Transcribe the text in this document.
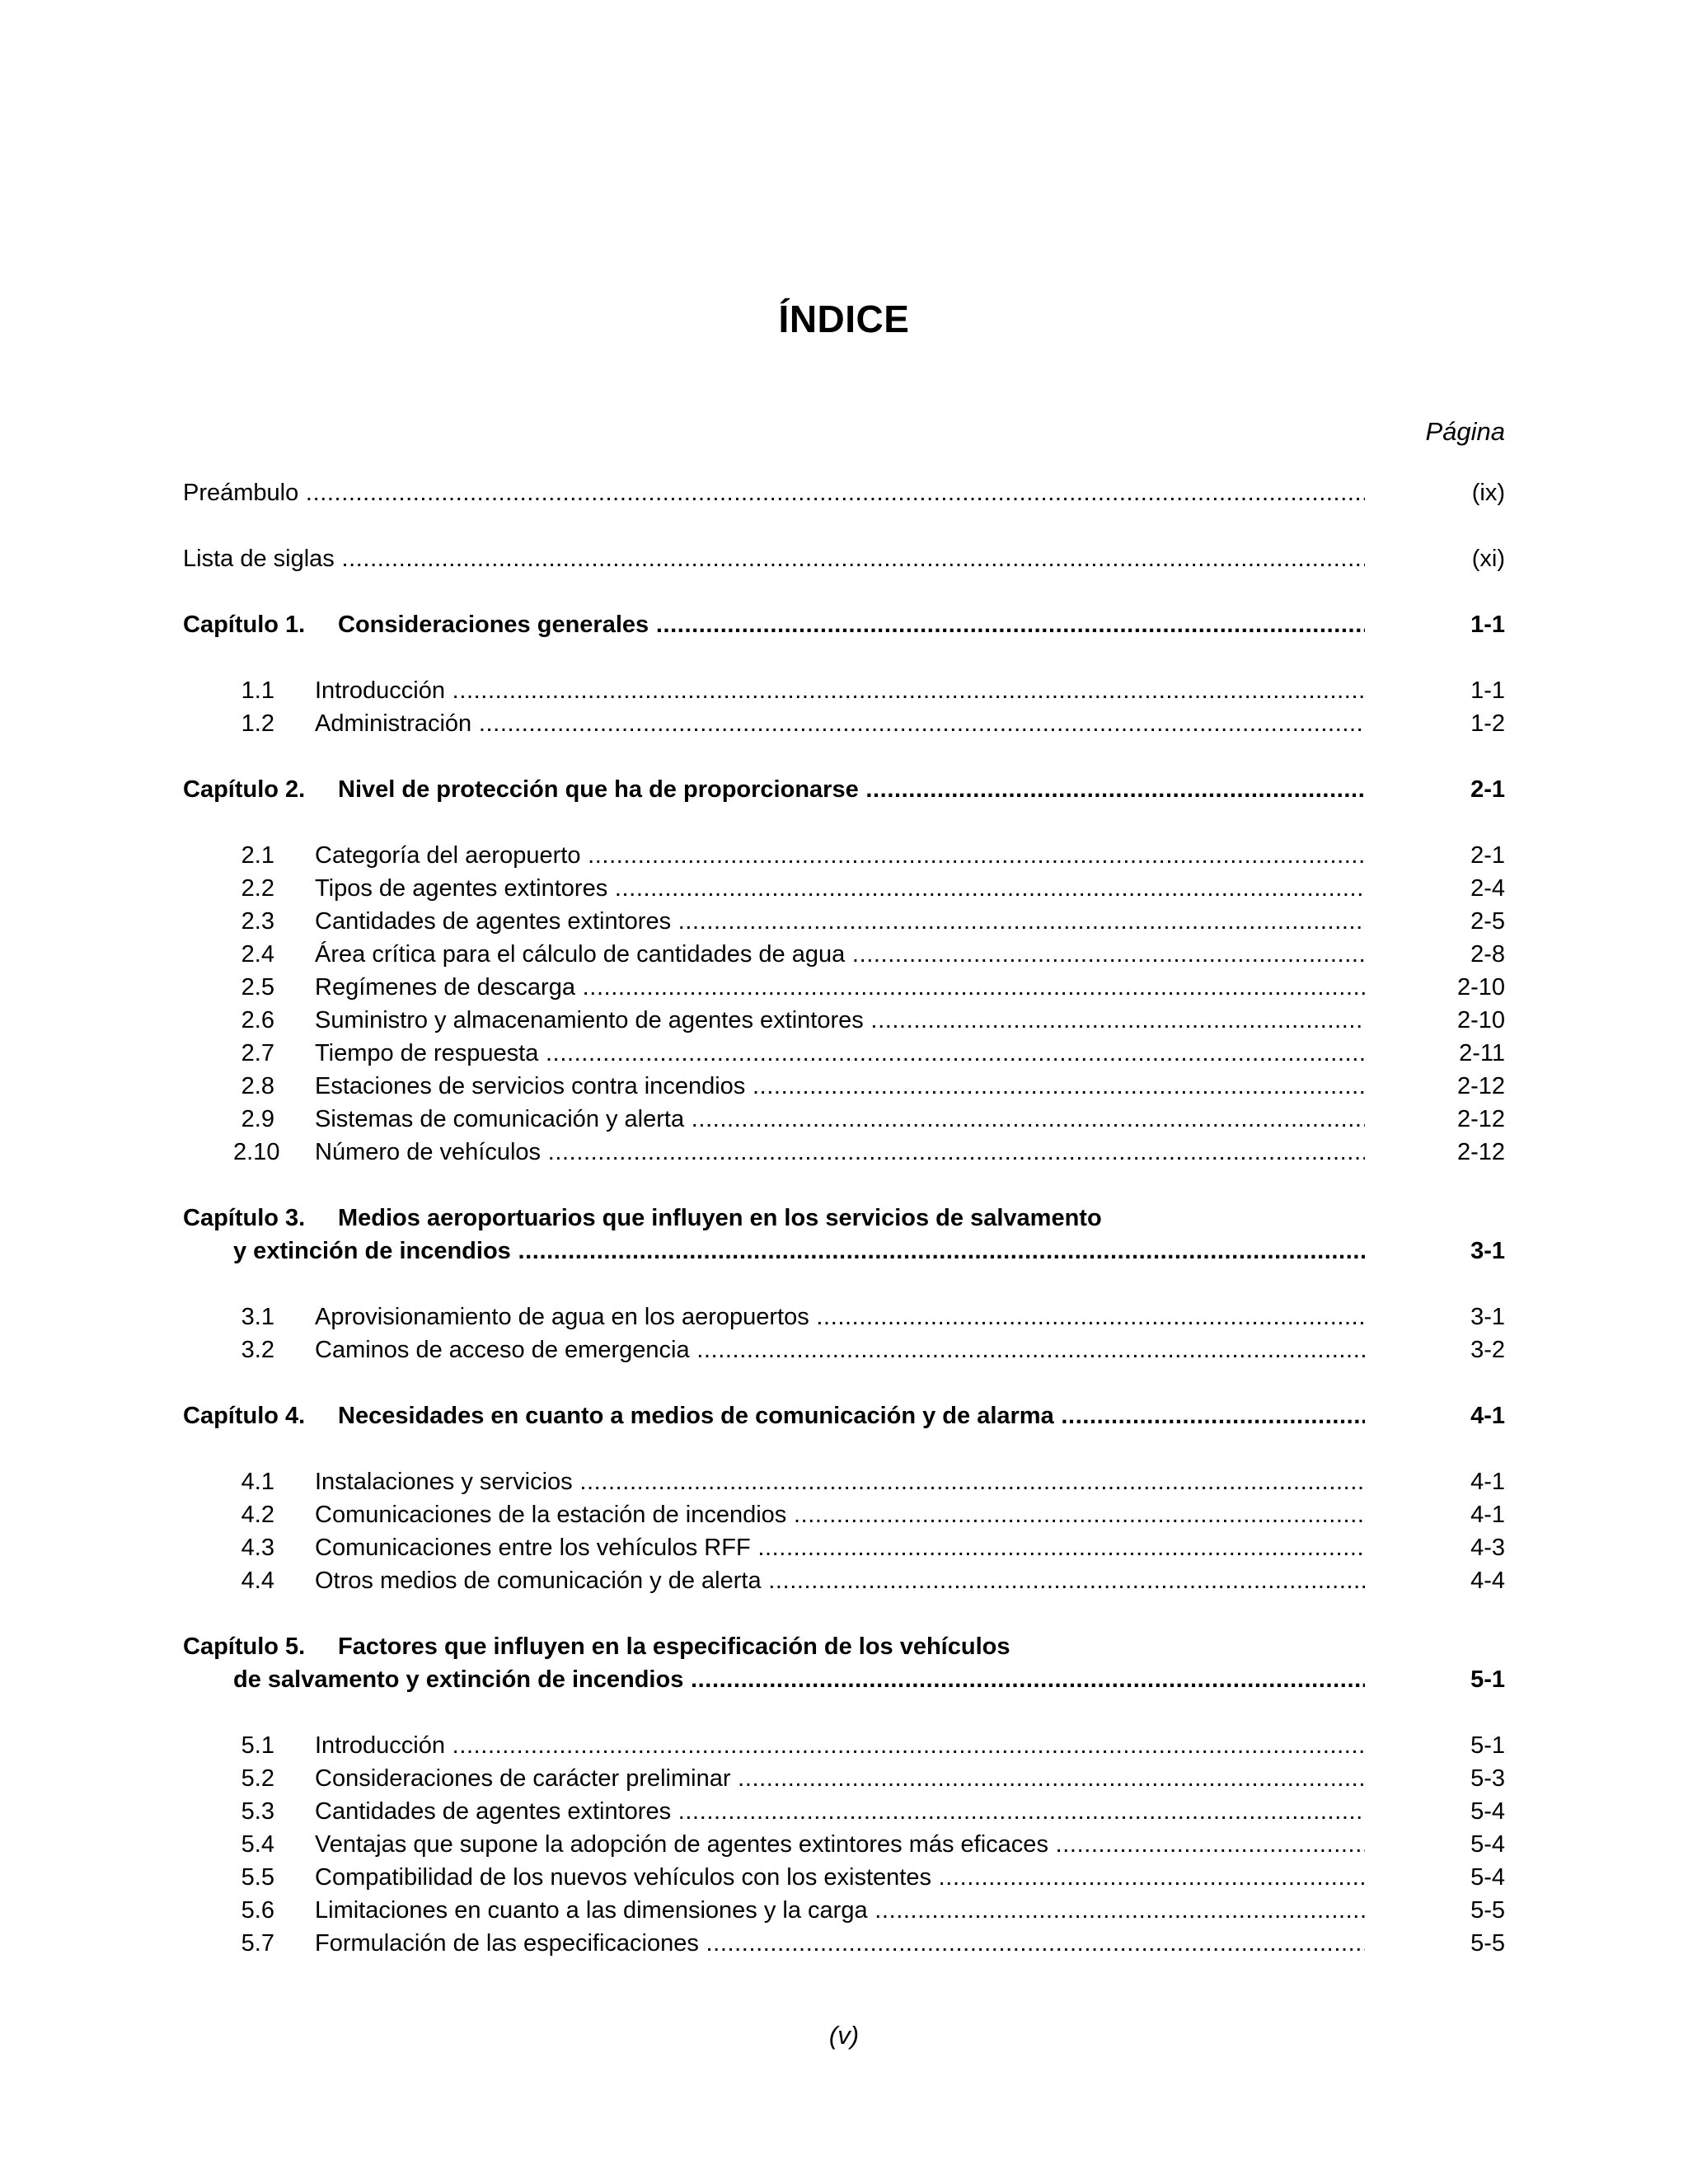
ÍNDICE
Página
Preámbulo .....	(ix)
Lista de siglas .....	(xi)
Capítulo 1. Consideraciones generales .....	1-1
1.1 Introducción .....	1-1
1.2 Administración .....	1-2
Capítulo 2. Nivel de protección que ha de proporcionarse .....	2-1
2.1 Categoría del aeropuerto .....	2-1
2.2 Tipos de agentes extintores .....	2-4
2.3 Cantidades de agentes extintores .....	2-5
2.4 Área crítica para el cálculo de cantidades de agua .....	2-8
2.5 Regímenes de descarga .....	2-10
2.6 Suministro y almacenamiento de agentes extintores .....	2-10
2.7 Tiempo de respuesta .....	2-11
2.8 Estaciones de servicios contra incendios .....	2-12
2.9 Sistemas de comunicación y alerta .....	2-12
2.10 Número de vehículos .....	2-12
Capítulo 3. Medios aeroportuarios que influyen en los servicios de salvamento
y extinción de incendios .....	3-1
3.1 Aprovisionamiento de agua en los aeropuertos .....	3-1
3.2 Caminos de acceso de emergencia .....	3-2
Capítulo 4. Necesidades en cuanto a medios de comunicación y de alarma .....	4-1
4.1 Instalaciones y servicios .....	4-1
4.2 Comunicaciones de la estación de incendios .....	4-1
4.3 Comunicaciones entre los vehículos RFF .....	4-3
4.4 Otros medios de comunicación y de alerta .....	4-4
Capítulo 5. Factores que influyen en la especificación de los vehículos
de salvamento y extinción de incendios .....	5-1
5.1 Introducción .....	5-1
5.2 Consideraciones de carácter preliminar .....	5-3
5.3 Cantidades de agentes extintores .....	5-4
5.4 Ventajas que supone la adopción de agentes extintores más eficaces .....	5-4
5.5 Compatibilidad de los nuevos vehículos con los existentes .....	5-4
5.6 Limitaciones en cuanto a las dimensiones y la carga .....	5-5
5.7 Formulación de las especificaciones .....	5-5
(v)
